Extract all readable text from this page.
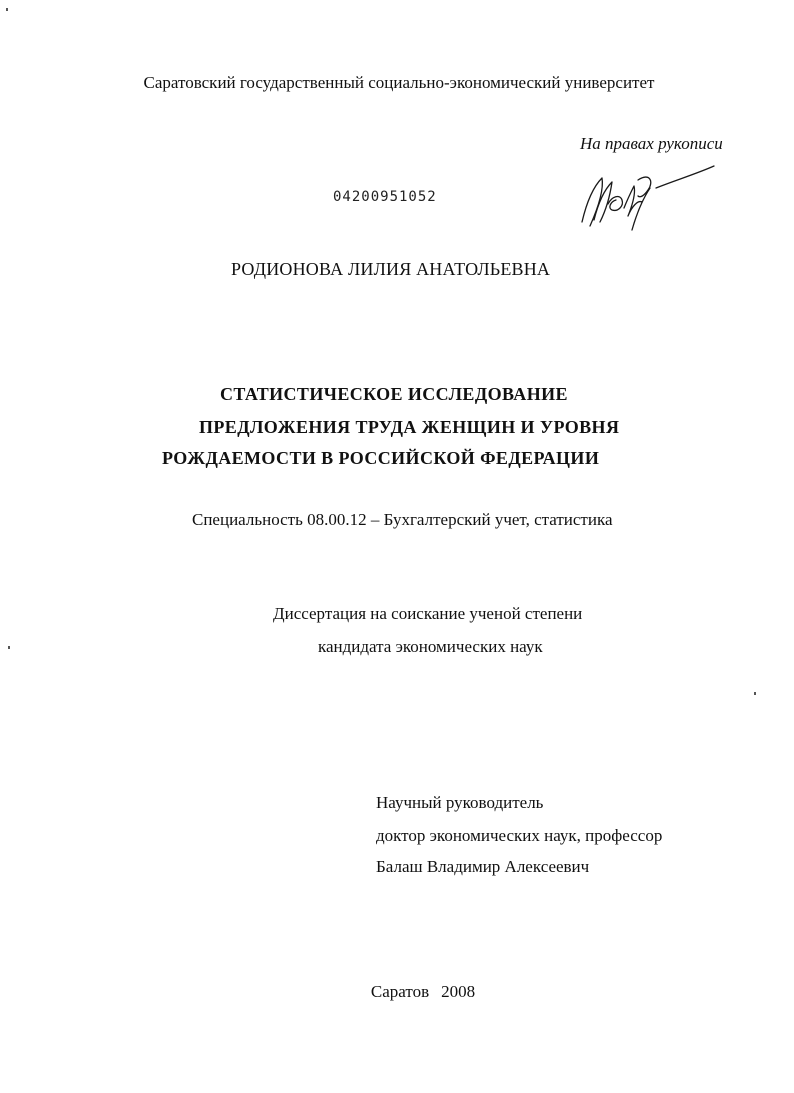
Саратовский государственный социально-экономический университет
На правах рукописи
04200951052
РОДИОНОВА ЛИЛИЯ АНАТОЛЬЕВНА
СТАТИСТИЧЕСКОЕ ИССЛЕДОВАНИЕ
ПРЕДЛОЖЕНИЯ ТРУДА ЖЕНЩИН И УРОВНЯ
РОЖДАЕМОСТИ В РОССИЙСКОЙ ФЕДЕРАЦИИ
Специальность 08.00.12 – Бухгалтерский учет, статистика
Диссертация на соискание ученой степени
кандидата экономических наук
Научный руководитель
доктор экономических наук, профессор
Балаш Владимир Алексеевич
Саратов 2008
